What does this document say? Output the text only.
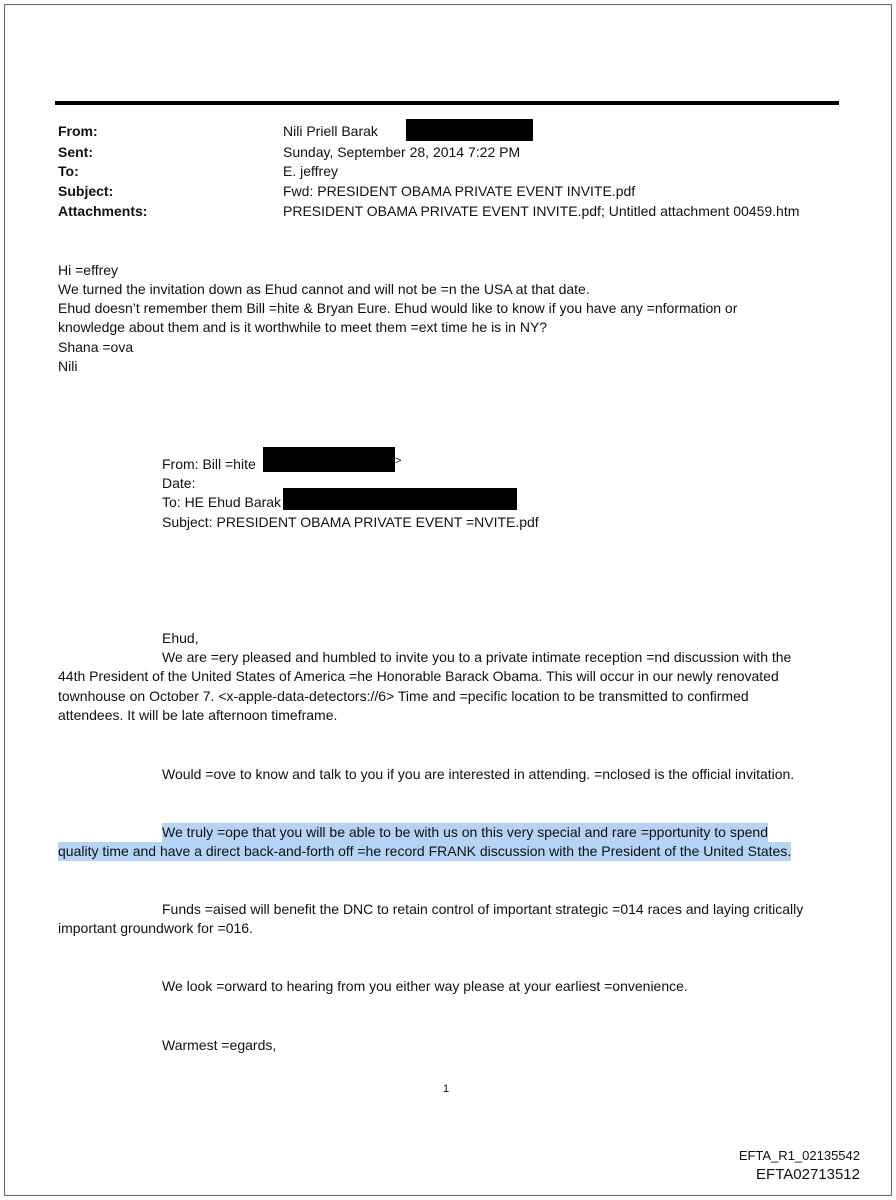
From:	Nili Priell Barak
Sent:	Sunday, September 28, 2014 7:22 PM
To:	E. jeffrey
Subject:	Fwd: PRESIDENT OBAMA PRIVATE EVENT INVITE.pdf
Attachments:	PRESIDENT OBAMA PRIVATE EVENT INVITE.pdf; Untitled attachment 00459.htm
Hi =effrey
We turned the invitation down as Ehud cannot and will not be =n the USA at that date.
Ehud doesn’t remember them Bill =hite & Bryan Eure. Ehud would like to know if you have any =nformation or
knowledge about them and is it worthwhile to meet them =ext time he is in NY?
Shana =ova
Nili
From: Bill =hite	>
Date:
To: HE Ehud Barak
Subject: PRESIDENT OBAMA PRIVATE EVENT =NVITE.pdf
Ehud,
We are =ery pleased and humbled to invite you to a private intimate reception =nd discussion with the
44th President of the United States of America =he Honorable Barack Obama. This will occur in our newly renovated
townhouse on October 7. <x-apple-data-detectors://6> Time and =pecific location to be transmitted to confirmed
attendees. It will be late afternoon timeframe.
Would =ove to know and talk to you if you are interested in attending. =nclosed is the official invitation.
We truly =ope that you will be able to be with us on this very special and rare =pportunity to spend
quality time and have a direct back-and-forth off =he record FRANK discussion with the President of the United States.
Funds =aised will benefit the DNC to retain control of important strategic =014 races and laying critically
important groundwork for =016.
We look =orward to hearing from you either way please at your earliest =onvenience.
Warmest =egards,
1
EFTA_R1_02135542
EFTA02713512
